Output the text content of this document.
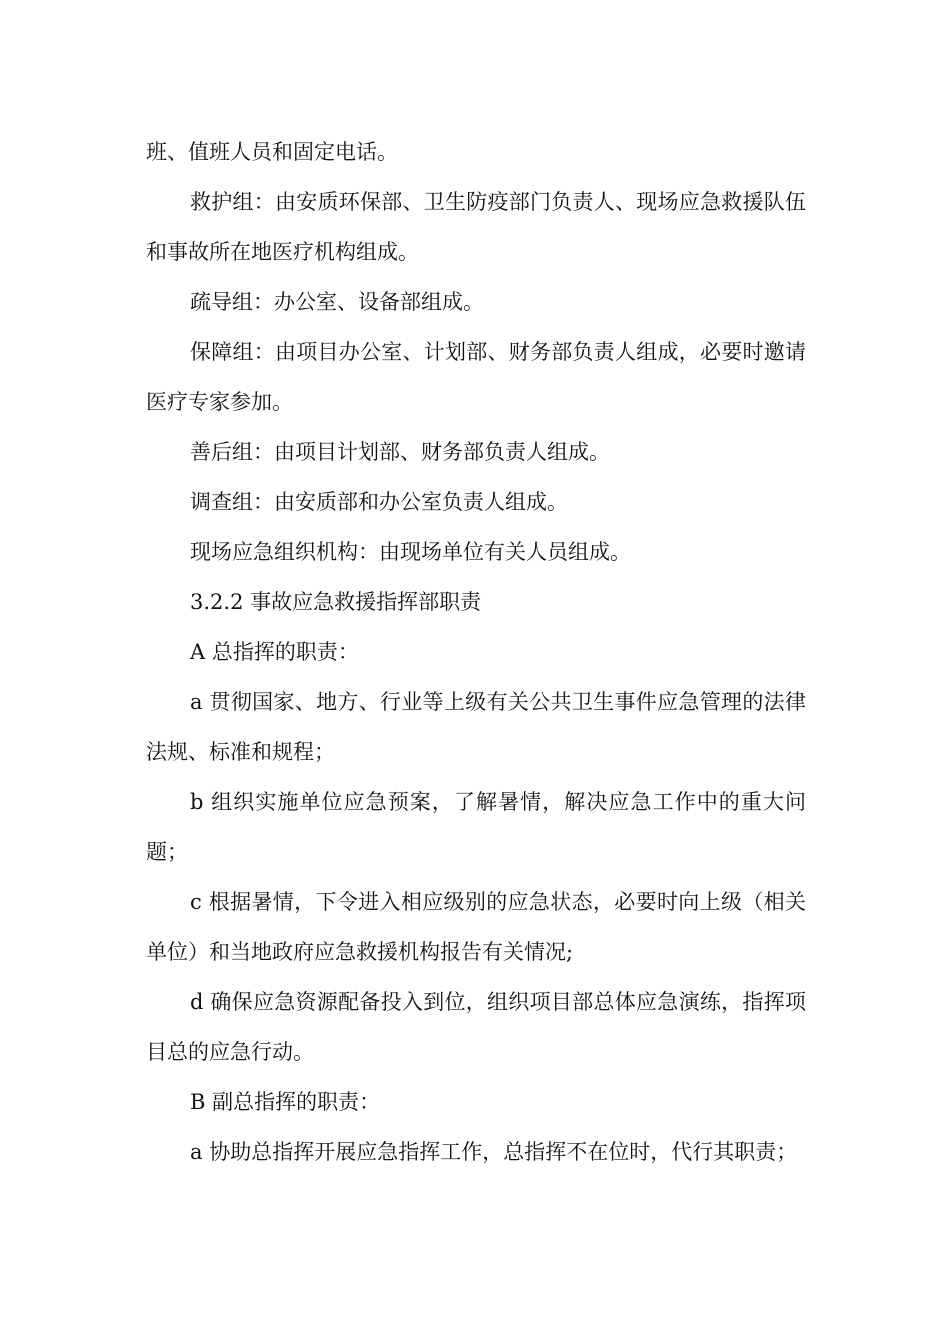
班、值班人员和固定电话。

救护组：由安质环保部、卫生防疫部门负责人、现场应急救援队伍和事故所在地医疗机构组成。

疏导组：办公室、设备部组成。

保障组：由项目办公室、计划部、财务部负责人组成，必要时邀请医疗专家参加。

善后组：由项目计划部、财务部负责人组成。

调查组：由安质部和办公室负责人组成。

现场应急组织机构：由现场单位有关人员组成。

3.2.2 事故应急救援指挥部职责

A 总指挥的职责：

a 贯彻国家、地方、行业等上级有关公共卫生事件应急管理的法律法规、标准和规程；

b 组织实施单位应急预案，了解暑情，解决应急工作中的重大问题；

c 根据暑情，下令进入相应级别的应急状态，必要时向上级（相关单位）和当地政府应急救援机构报告有关情况;

d 确保应急资源配备投入到位，组织项目部总体应急演练，指挥项目总的应急行动。

B 副总指挥的职责：

a 协助总指挥开展应急指挥工作，总指挥不在位时，代行其职责；
